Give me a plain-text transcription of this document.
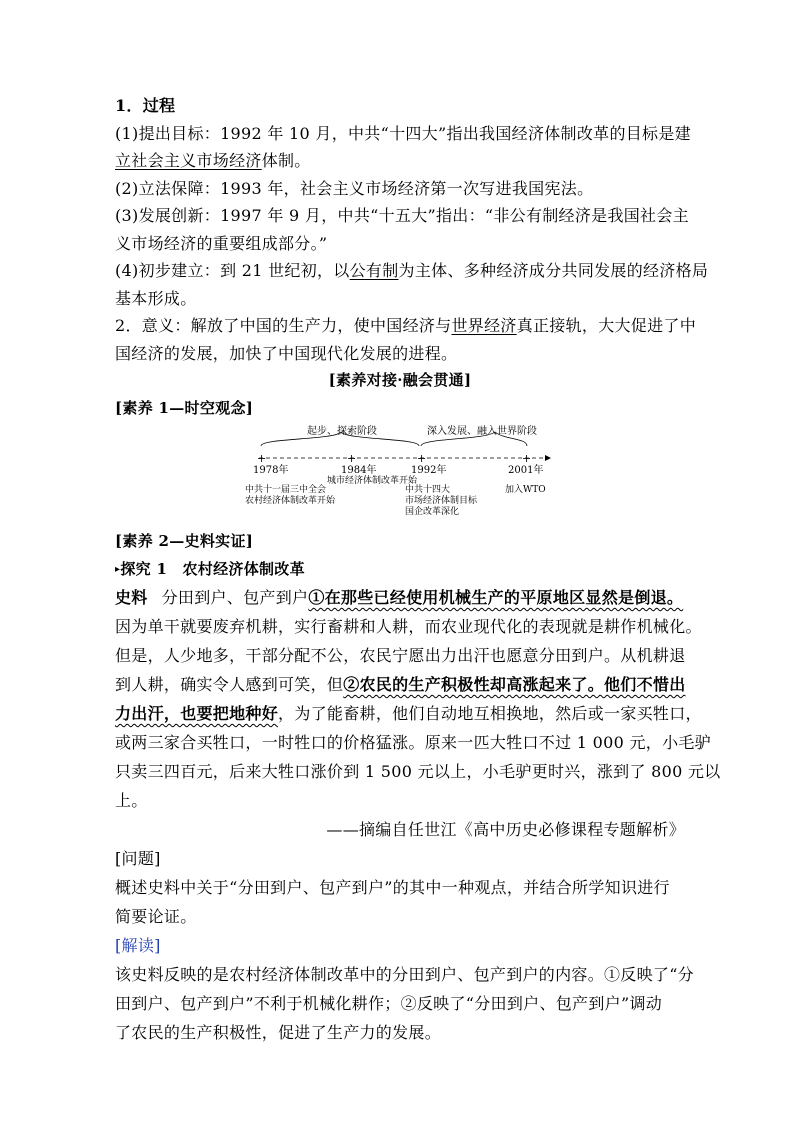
1．过程
(1)提出目标：1992 年 10 月，中共“十四大”指出我国经济体制改革的目标是建
立社会主义市场经济体制。
(2)立法保障：1993 年，社会主义市场经济第一次写进我国宪法。
(3)发展创新：1997 年 9 月，中共“十五大”指出：“非公有制经济是我国社会主
义市场经济的重要组成部分。”
(4)初步建立：到 21 世纪初，以公有制为主体、多种经济成分共同发展的经济格局
基本形成。
2．意义：解放了中国的生产力，使中国经济与世界经济真正接轨，大大促进了中
国经济的发展，加快了中国现代化发展的进程。
[素养对接·融会贯通]
[素养 1—时空观念]
起步、探索阶段	深入发展、融入世界阶段
+	+	+	+
1978年	1984年	1992年	2001年
城市经济体制改革开始
中共十一届三中全会
农村经济体制改革开始
中共十四大
市场经济体制目标
国企改革深化
加入WTO
[素养 2—史料实证]
▸探究 1　农村经济体制改革
史料 分田到户、包产到户①在那些已经使用机械生产的平原地区显然是倒退。
因为单干就要废弃机耕，实行畜耕和人耕，而农业现代化的表现就是耕作机械化。
但是，人少地多，干部分配不公，农民宁愿出力出汗也愿意分田到户。从机耕退
到人耕，确实令人感到可笑，但②农民的生产积极性却高涨起来了。他们不惜出
力出汗，也要把地种好，为了能畜耕，他们自动地互相换地，然后或一家买牲口，
或两三家合买牲口，一时牲口的价格猛涨。原来一匹大牲口不过 1 000 元，小毛驴
只卖三四百元，后来大牲口涨价到 1 500 元以上，小毛驴更时兴，涨到了 800 元以
上。
——摘编自任世江《高中历史必修课程专题解析》
[问题]
概述史料中关于“分田到户、包产到户”的其中一种观点，并结合所学知识进行
简要论证。
[解读]
该史料反映的是农村经济体制改革中的分田到户、包产到户的内容。①反映了“分
田到户、包产到户”不利于机械化耕作；②反映了“分田到户、包产到户”调动
了农民的生产积极性，促进了生产力的发展。
